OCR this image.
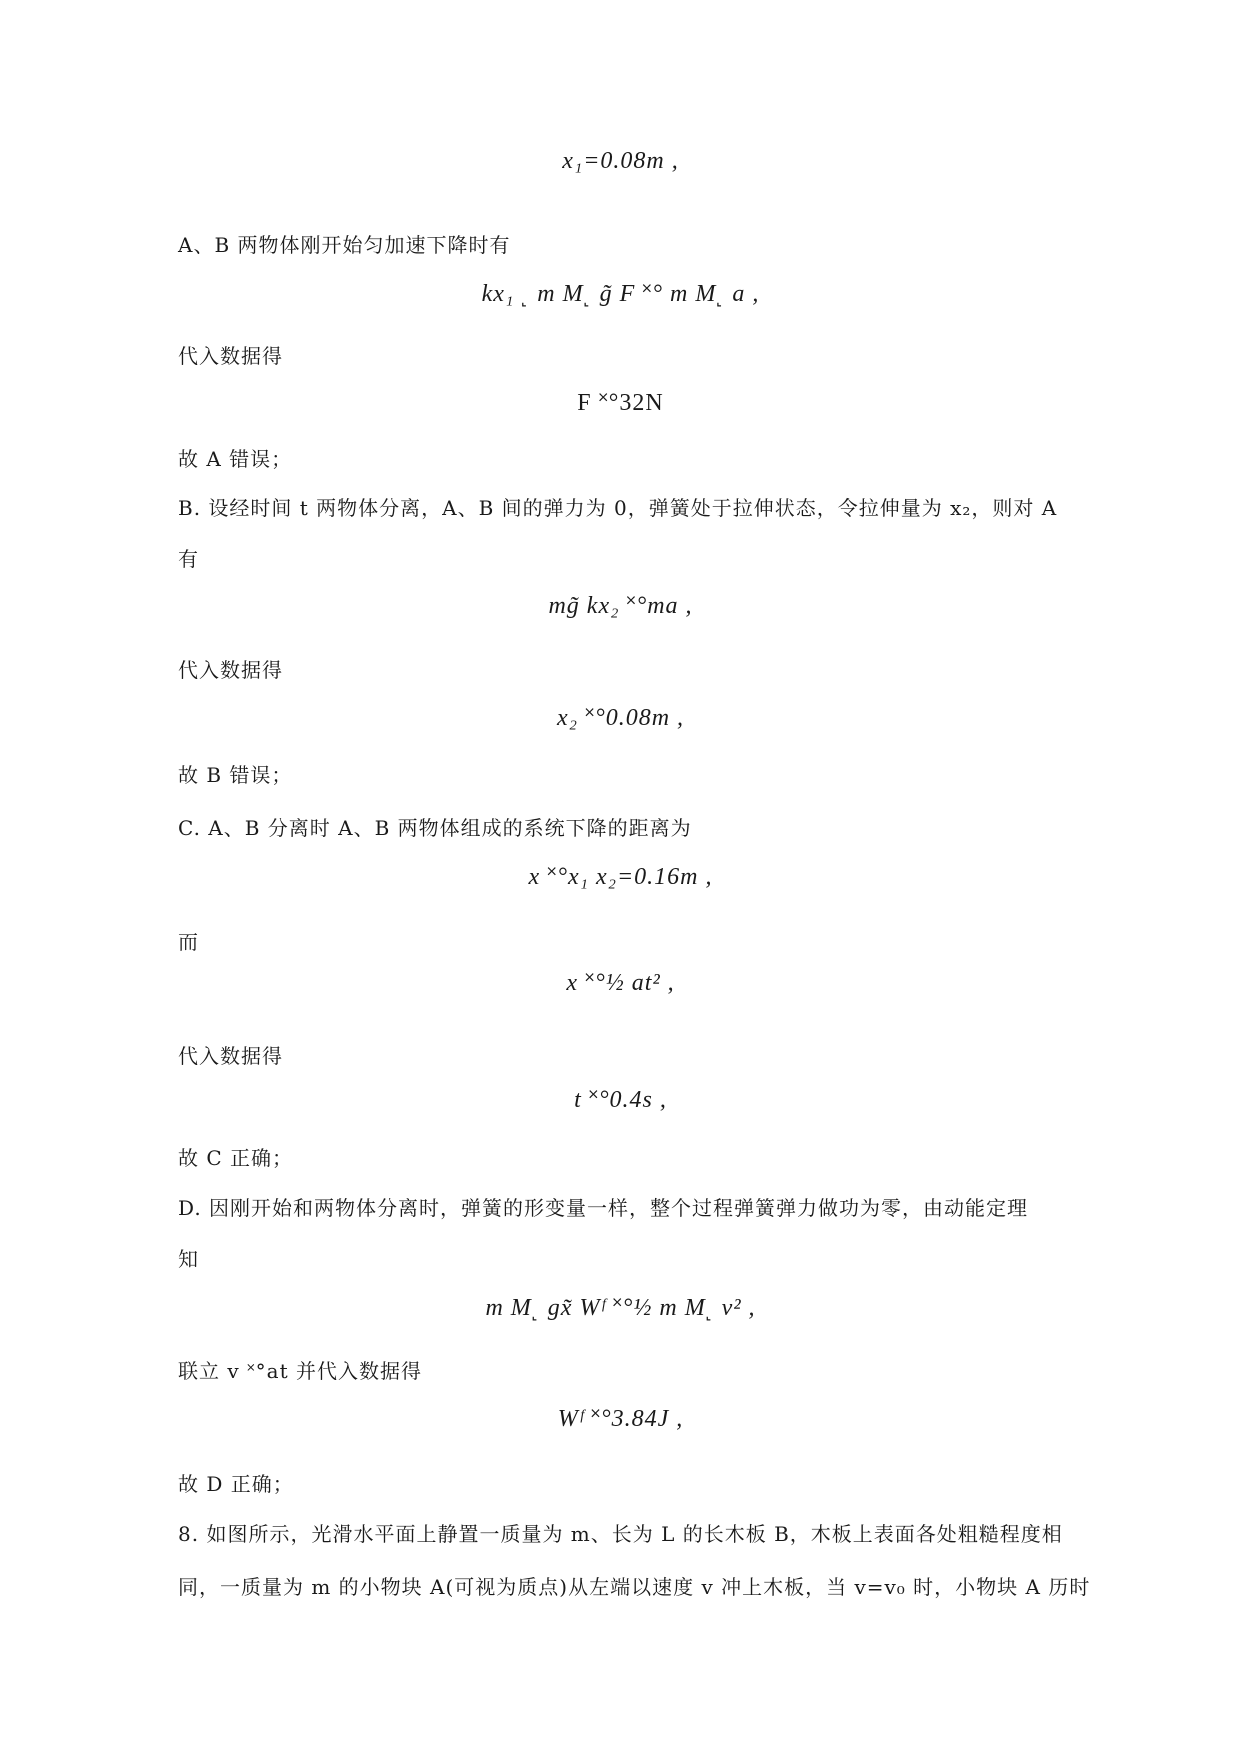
x₁=0.08m ,
A、B 两物体刚开始匀加速下降时有
kx₁ ˻ m M˻ g̃ F ˟° m M˻ a ,
代入数据得
F ˟°32N
故 A 错误；
B. 设经时间 t 两物体分离，A、B 间的弹力为 0，弹簧处于拉伸状态，令拉伸量为 x₂，则对 A
有
mg̃ kx₂ ˟°ma ,
代入数据得
x₂ ˟°0.08m ,
故 B 错误；
C. A、B 分离时 A、B 两物体组成的系统下降的距离为
x ˟°x₁ x₂=0.16m ,
而
x ˟°½ at² ,
代入数据得
t ˟°0.4s ,
故 C 正确；
D. 因刚开始和两物体分离时，弹簧的形变量一样，整个过程弹簧弹力做功为零，由动能定理
知
m M˻ gx̃ Wᶠ ˟°½ m M˻ v² ,
联立 v ˟°at 并代入数据得
Wᶠ ˟°3.84J ,
故 D 正确；
8. 如图所示，光滑水平面上静置一质量为 m、长为 L 的长木板 B，木板上表面各处粗糙程度相
同，一质量为 m 的小物块 A(可视为质点)从左端以速度 v 冲上木板，当 v=v₀ 时，小物块 A 历时
